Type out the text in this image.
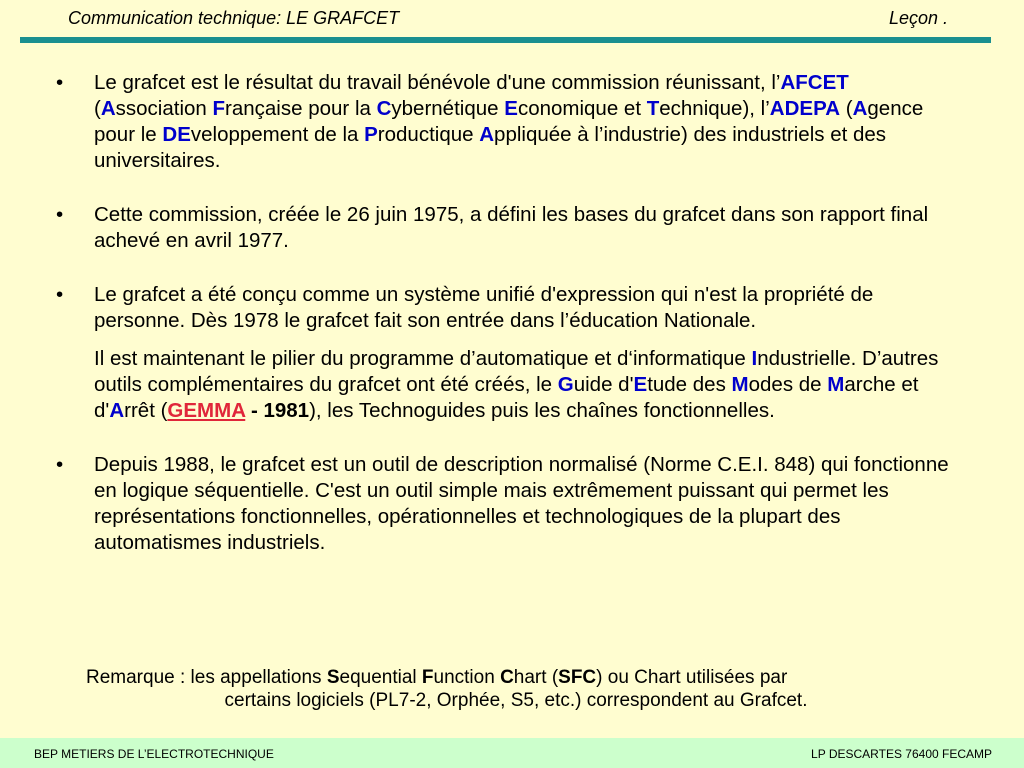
Communication technique: LE GRAFCET	Leçon .

•	Le grafcet est le résultat du travail bénévole d'une commission réunissant, l’AFCET (Association Française pour la Cybernétique Economique et Technique), l’ADEPA (Agence pour le DEveloppement de la Productique Appliquée à l’industrie) des industriels et des universitaires.

•	Cette commission, créée le 26 juin 1975, a défini les bases du grafcet dans son rapport final achevé en avril 1977.

•	Le grafcet a été conçu comme un système unifié d'expression qui n'est la propriété de personne. Dès 1978 le grafcet fait son entrée dans l’éducation Nationale.

Il est maintenant le pilier du programme d’automatique et d‘informatique Industrielle. D’autres outils complémentaires du grafcet ont été créés, le Guide d'Etude des Modes de Marche et d'Arrêt (GEMMA - 1981), les Technoguides puis les chaînes fonctionnelles.

•	Depuis 1988, le grafcet est un outil de description normalisé (Norme C.E.I. 848) qui fonctionne en logique séquentielle. C'est un outil simple mais extrêmement puissant qui permet les représentations fonctionnelles, opérationnelles et technologiques de la plupart des automatismes industriels.

Remarque : les appellations Sequential Function Chart (SFC) ou Chart utilisées par
certains logiciels (PL7-2, Orphée, S5, etc.) correspondent au Grafcet.
BEP METIERS DE L’ELECTROTECHNIQUE	LP DESCARTES 76400 FECAMP
